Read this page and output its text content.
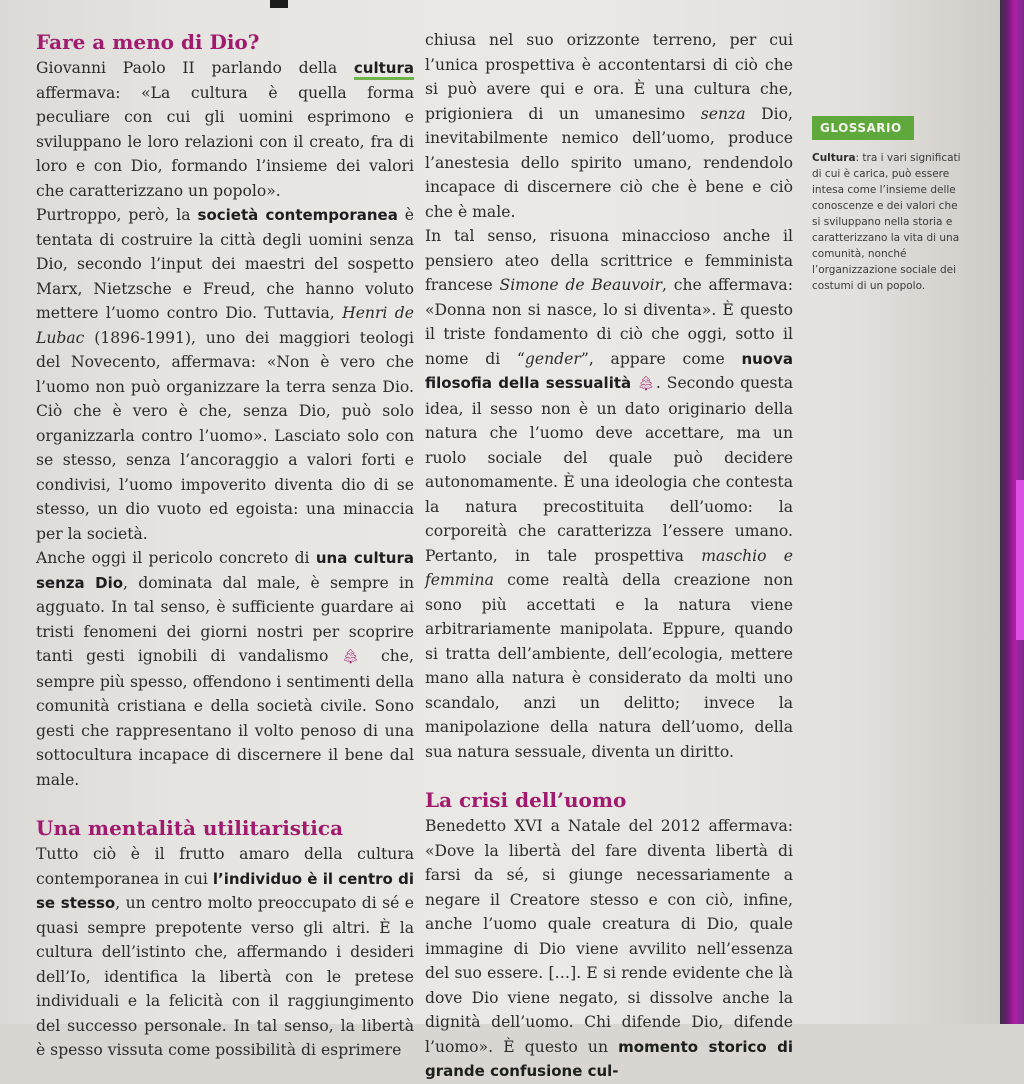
Fare a meno di Dio?

Giovanni Paolo II parlando della cultura affermava: «La cultura è quella forma peculiare con cui gli uomini esprimono e sviluppano le loro relazioni con il creato, fra di loro e con Dio, formando l’insieme dei valori che caratterizzano un popolo».

Purtroppo, però, la società contemporanea è tentata di costruire la città degli uomini senza Dio, secondo l’input dei maestri del sospetto Marx, Nietzsche e Freud, che hanno voluto mettere l’uomo contro Dio. Tuttavia, Henri de Lubac (1896-1991), uno dei maggiori teologi del Novecento, affermava: «Non è vero che l’uomo non può organizzare la terra senza Dio. Ciò che è vero è che, senza Dio, può solo organizzarla contro l’uomo». Lasciato solo con se stesso, senza l’ancoraggio a valori forti e condivisi, l’uomo impoverito diventa dio di se stesso, un dio vuoto ed egoista: una minaccia per la società.

Anche oggi il pericolo concreto di una cultura senza Dio, dominata dal male, è sempre in agguato. In tal senso, è sufficiente guardare ai tristi fenomeni dei giorni nostri per scoprire tanti gesti ignobili di vandalismo 🌲︎ che, sempre più spesso, offendono i sentimenti della comunità cristiana e della società civile. Sono gesti che rappresentano il volto penoso di una sottocultura incapace di discernere il bene dal male.

Una mentalità utilitaristica

Tutto ciò è il frutto amaro della cultura contemporanea in cui l’individuo è il centro di se stesso, un centro molto preoccupato di sé e quasi sempre prepotente verso gli altri. È la cultura dell’istinto che, affermando i desideri dell’Io, identifica la libertà con le pretese individuali e la felicità con il raggiungimento del successo personale. In tal senso, la libertà è spesso vissuta come possibilità di esprimere

chiusa nel suo orizzonte terreno, per cui l’unica prospettiva è accontentarsi di ciò che si può avere qui e ora. È una cultura che, prigioniera di un umanesimo senza Dio, inevitabilmente nemico dell’uomo, produce l’anestesia dello spirito umano, rendendolo incapace di discernere ciò che è bene e ciò che è male.

In tal senso, risuona minaccioso anche il pensiero ateo della scrittrice e femminista francese Simone de Beauvoir, che affermava: «Donna non si nasce, lo si diventa». È questo il triste fondamento di ciò che oggi, sotto il nome di “gender”, appare come nuova filosofia della sessualità 🌲︎. Secondo questa idea, il sesso non è un dato originario della natura che l’uomo deve accettare, ma un ruolo sociale del quale può decidere autonomamente. È una ideologia che contesta la natura precostituita dell’uomo: la corporeità che caratterizza l’essere umano. Pertanto, in tale prospettiva maschio e femmina come realtà della creazione non sono più accettati e la natura viene arbitrariamente manipolata. Eppure, quando si tratta dell’ambiente, dell’ecologia, mettere mano alla natura è considerato da molti uno scandalo, anzi un delitto; invece la manipolazione della natura dell’uomo, della sua natura sessuale, diventa un diritto.

La crisi dell’uomo

Benedetto XVI a Natale del 2012 affermava: «Dove la libertà del fare diventa libertà di farsi da sé, si giunge necessariamente a negare il Creatore stesso e con ciò, infine, anche l’uomo quale creatura di Dio, quale immagine di Dio viene avvilito nell’essenza del suo essere. […]. E si rende evidente che là dove Dio viene negato, si dissolve anche la dignità dell’uomo. Chi difende Dio, difende l’uomo». È questo un momento storico di grande confusione cul-

GLOSSARIO
Cultura: tra i vari significati di cui è carica, può essere intesa come l’insieme delle conoscenze e dei valori che si sviluppano nella storia e caratterizzano la vita di una comunità, nonché l’organizzazione sociale dei costumi di un popolo.
